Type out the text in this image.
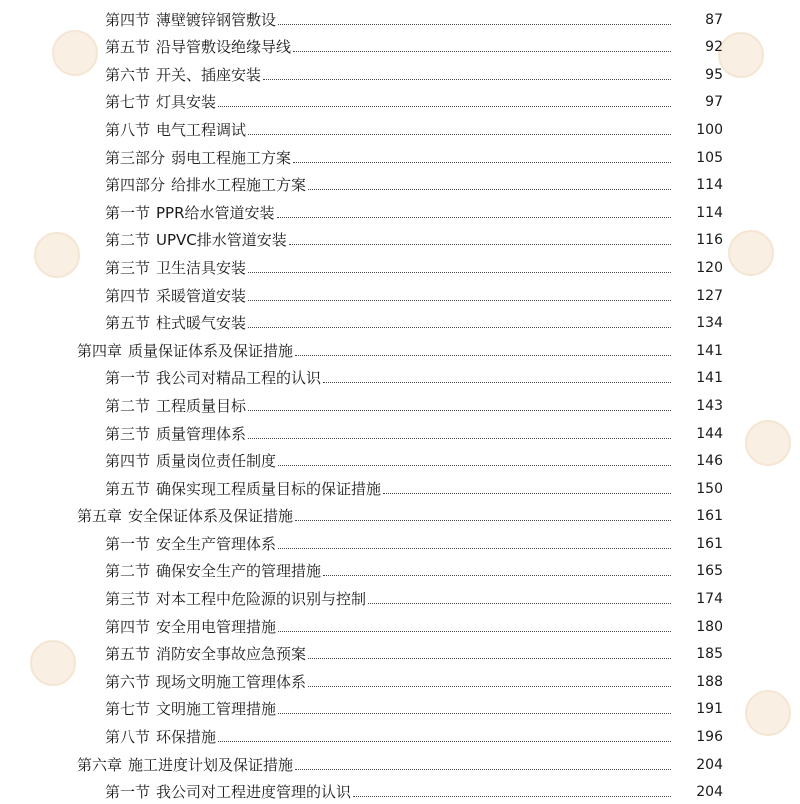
第四节 薄壁镀锌钢管敷设	87
第五节 沿导管敷设绝缘导线	92
第六节 开关、插座安装	95
第七节 灯具安装	97
第八节 电气工程调试	100
第三部分 弱电工程施工方案	105
第四部分 给排水工程施工方案	114
第一节 PPR给水管道安装	114
第二节 UPVC排水管道安装	116
第三节 卫生洁具安装	120
第四节 采暖管道安装	127
第五节 柱式暖气安装	134
第四章 质量保证体系及保证措施	141
第一节 我公司对精品工程的认识	141
第二节 工程质量目标	143
第三节 质量管理体系	144
第四节 质量岗位责任制度	146
第五节 确保实现工程质量目标的保证措施	150
第五章 安全保证体系及保证措施	161
第一节 安全生产管理体系	161
第二节 确保安全生产的管理措施	165
第三节 对本工程中危险源的识别与控制	174
第四节 安全用电管理措施	180
第五节 消防安全事故应急预案	185
第六节 现场文明施工管理体系	188
第七节 文明施工管理措施	191
第八节 环保措施	196
第六章 施工进度计划及保证措施	204
第一节 我公司对工程进度管理的认识	204
